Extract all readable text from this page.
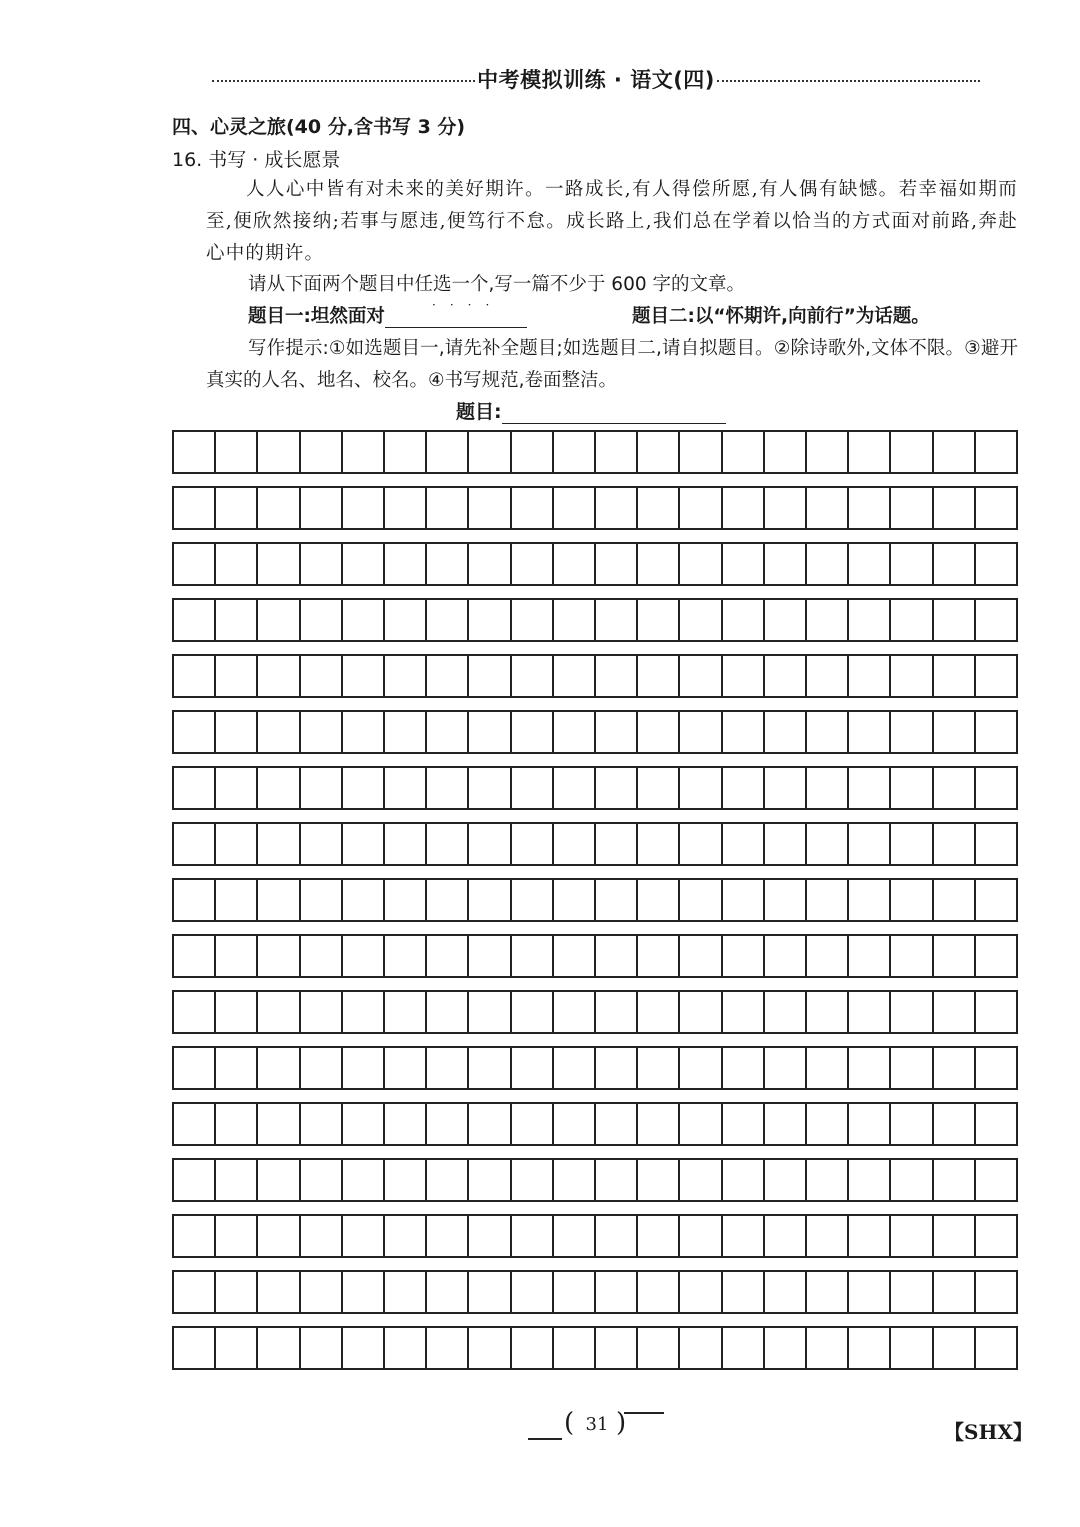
中考模拟训练 · 语文(四)
四、心灵之旅(40 分,含书写 3 分)
16. 书写 · 成长愿景
人人心中皆有对未来的美好期许。一路成长,有人得偿所愿,有人偶有缺憾。若幸福如期而至,便欣然接纳;若事与愿违,便笃行不怠。成长路上,我们总在学着以恰当的方式面对前路,奔赴心中的期许。
请从下面两个题目中任选一个,写一篇不少于 600 字的文章。
····
题目一:坦然面对	题目二:以“怀期许,向前行”为话题。
写作提示:①如选题目一,请先补全题目;如选题目二,请自拟题目。②除诗歌外,文体不限。③避开真实的人名、地名、校名。④书写规范,卷面整洁。
题目:
( 31 )	【SHX】
